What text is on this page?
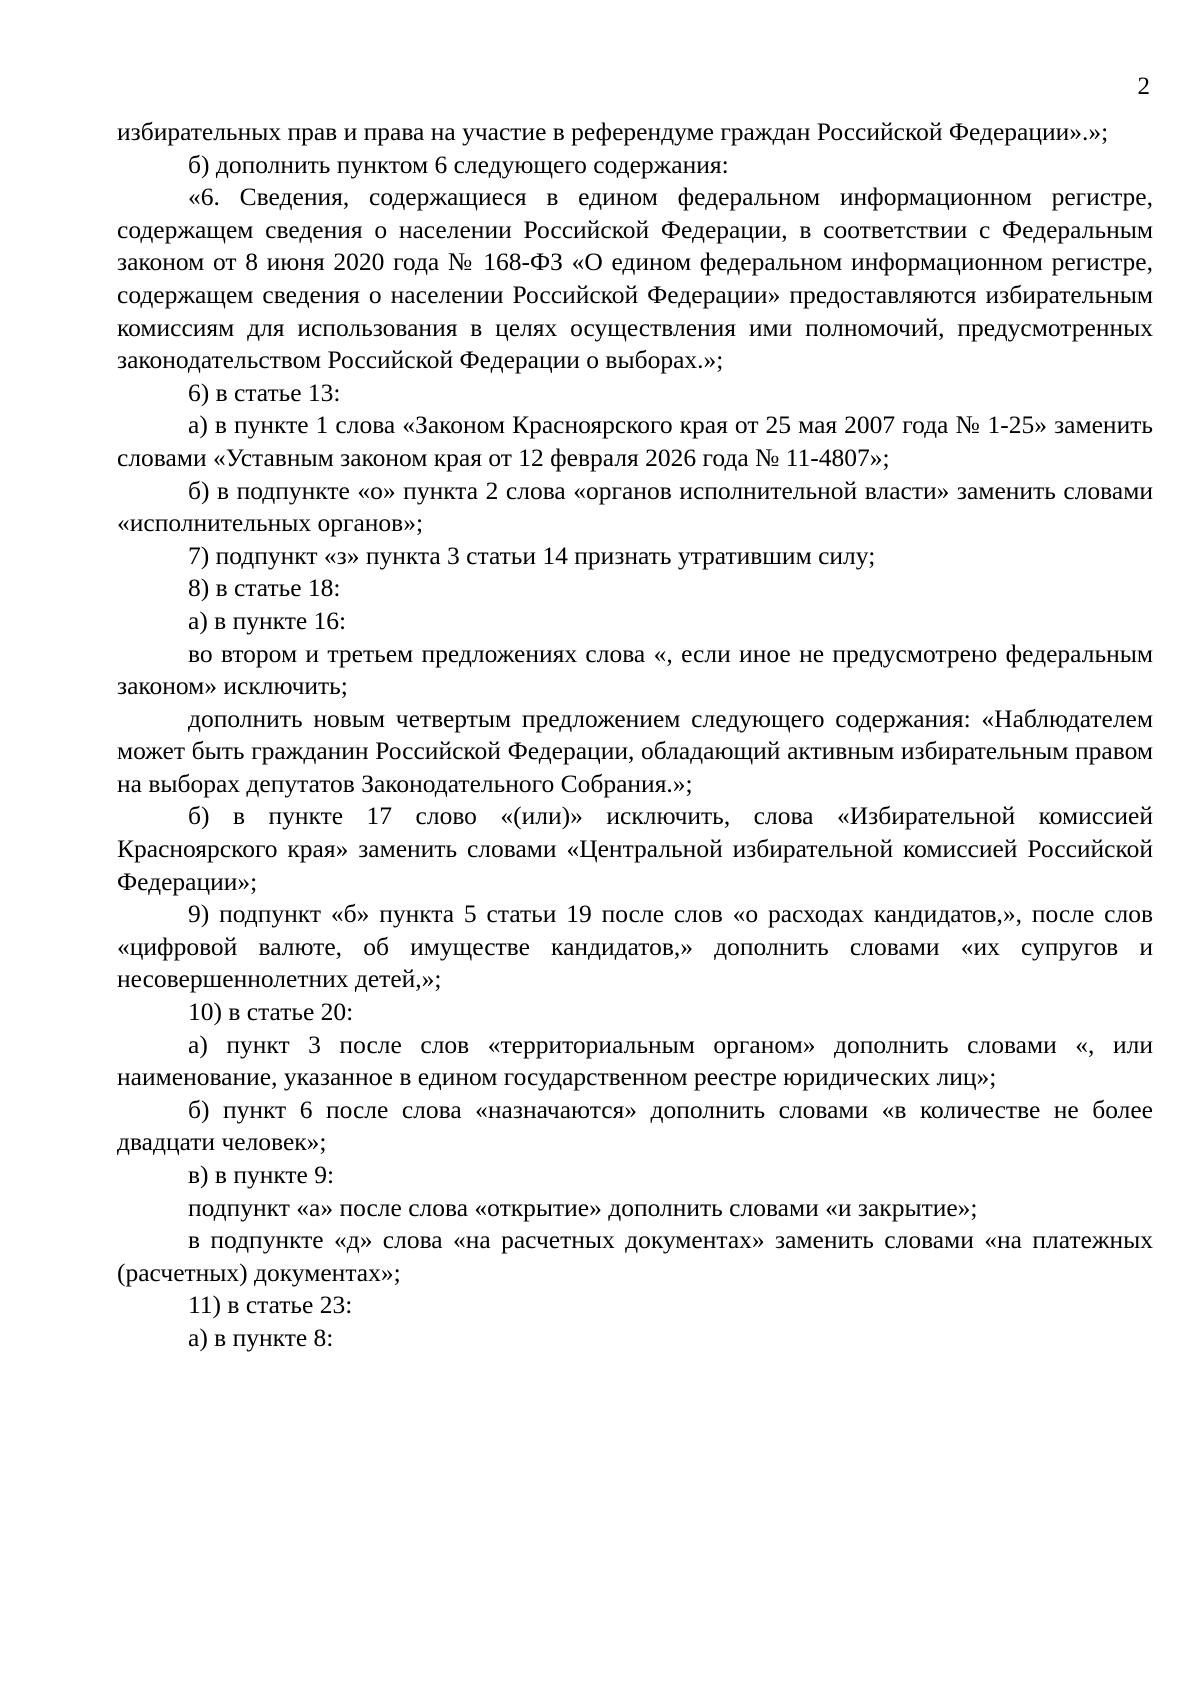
2

избирательных прав и права на участие в референдуме граждан Российской Федерации».»;

б) дополнить пунктом 6 следующего содержания:

«6. Сведения, содержащиеся в едином федеральном информационном регистре, содержащем сведения о населении Российской Федерации, в соответствии с Федеральным законом от 8 июня 2020 года № 168-ФЗ «О едином федеральном информационном регистре, содержащем сведения о населении Российской Федерации» предоставляются избирательным комиссиям для использования в целях осуществления ими полномочий, предусмотренных законодательством Российской Федерации о выборах.»;

6) в статье 13:

а) в пункте 1 слова «Законом Красноярского края от 25 мая 2007 года № 1-25» заменить словами «Уставным законом края от 12 февраля 2026 года № 11-4807»;

б) в подпункте «о» пункта 2 слова «органов исполнительной власти» заменить словами «исполнительных органов»;

7) подпункт «з» пункта 3 статьи 14 признать утратившим силу;

8) в статье 18:

а) в пункте 16:

во втором и третьем предложениях слова «, если иное не предусмотрено федеральным законом» исключить;

дополнить новым четвертым предложением следующего содержания: «Наблюдателем может быть гражданин Российской Федерации, обладающий активным избирательным правом на выборах депутатов Законодательного Собрания.»;

б) в пункте 17 слово «(или)» исключить, слова «Избирательной комиссией Красноярского края» заменить словами «Центральной избирательной комиссией Российской Федерации»;

9) подпункт «б» пункта 5 статьи 19 после слов «о расходах кандидатов,», после слов «цифровой валюте, об имуществе кандидатов,» дополнить словами «их супругов и несовершеннолетних детей,»;

10) в статье 20:

а) пункт 3 после слов «территориальным органом» дополнить словами «, или наименование, указанное в едином государственном реестре юридических лиц»;

б) пункт 6 после слова «назначаются» дополнить словами «в количестве не более двадцати человек»;

в) в пункте 9:

подпункт «а» после слова «открытие» дополнить словами «и закрытие»;

в подпункте «д» слова «на расчетных документах» заменить словами «на платежных (расчетных) документах»;

11) в статье 23:

а) в пункте 8:
